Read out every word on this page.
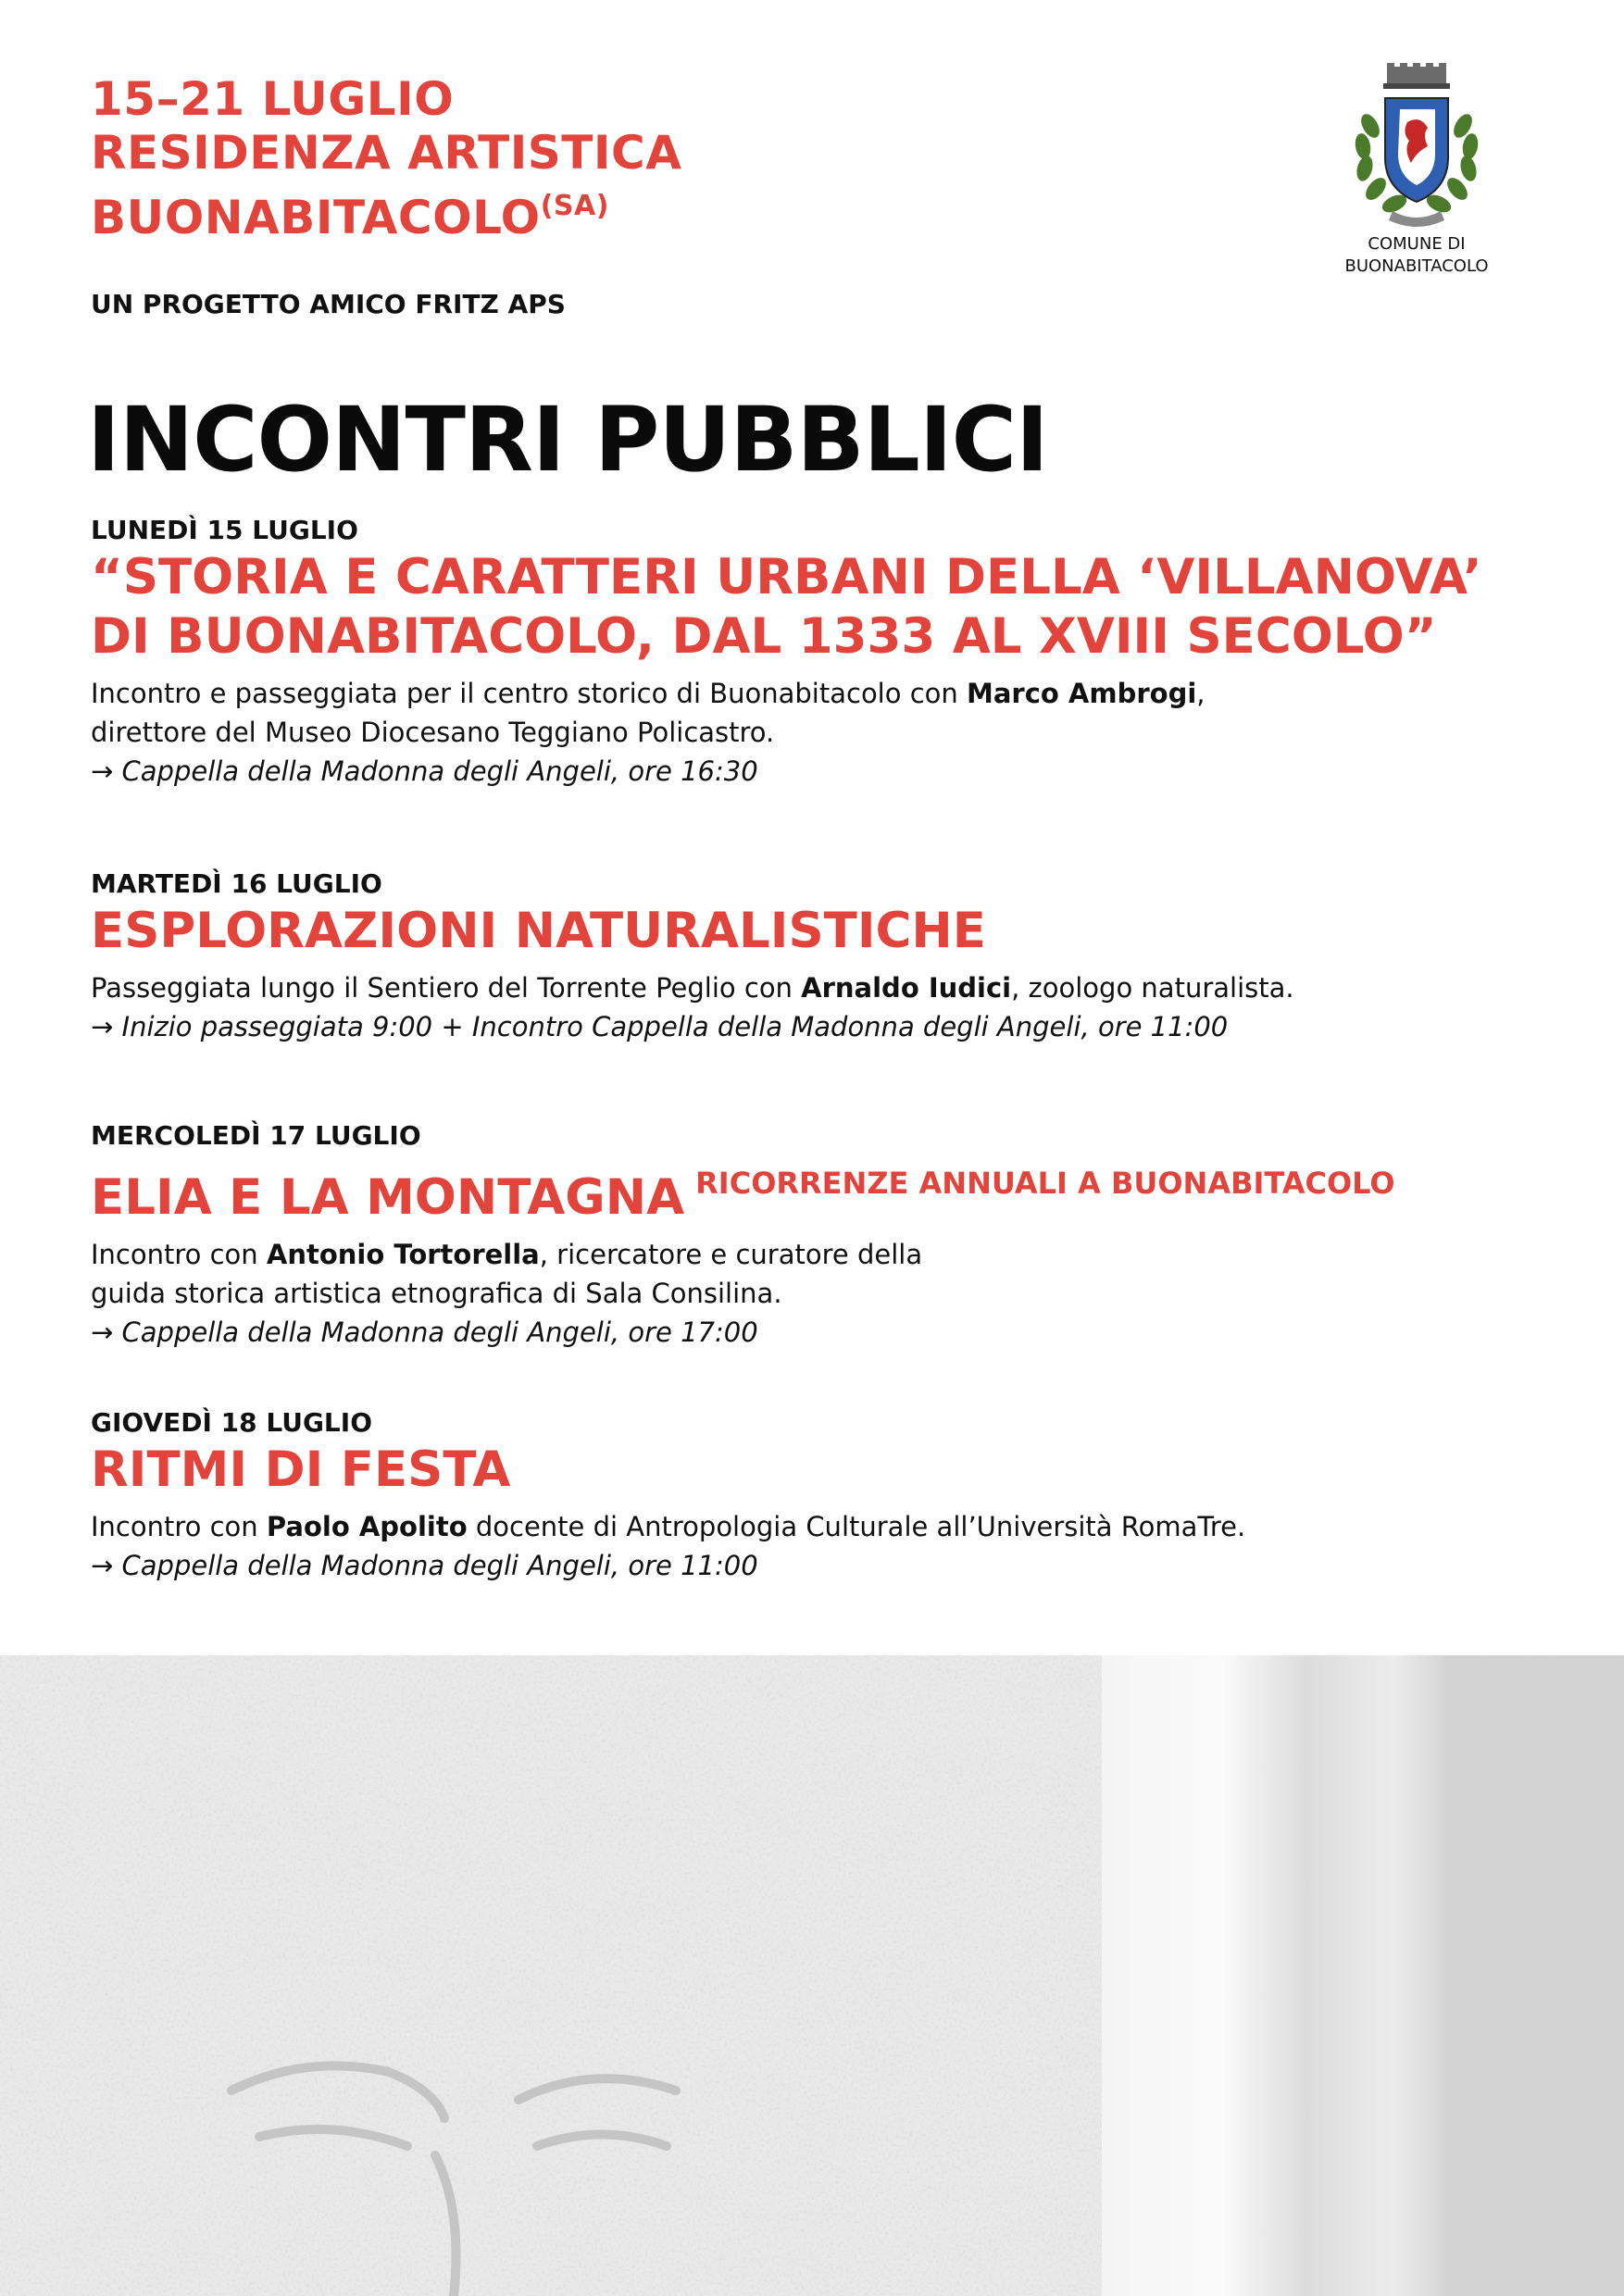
15–21 LUGLIO
RESIDENZA ARTISTICA
$BUONABITACOLO^{(SA)}$
UN PROGETTO AMICO FRITZ APS
COMUNE DI
BUONABITACOLO
INCONTRI PUBBLICI
LUNEDÌ 15 LUGLIO
“STORIA E CARATTERI URBANI DELLA ‘VILLANOVA’
DI BUONABITACOLO, DAL 1333 AL XVIII SECOLO”
Incontro e passeggiata per il centro storico di Buonabitacolo con Marco Ambrogi,
direttore del Museo Diocesano Teggiano Policastro.
→ Cappella della Madonna degli Angeli, ore 16:30
MARTEDÌ 16 LUGLIO
ESPLORAZIONI NATURALISTICHE
Passeggiata lungo il Sentiero del Torrente Peglio con Arnaldo Iudici, zoologo naturalista.
→ Inizio passeggiata 9:00 + Incontro Cappella della Madonna degli Angeli, ore 11:00
MERCOLEDÌ 17 LUGLIO
ELIA E LA MONTAGNA $^{RICORRENZE ANNUALI A BUONABITACOLO}$
Incontro con Antonio Tortorella, ricercatore e curatore della
guida storica artistica etnografica di Sala Consilina.
→ Cappella della Madonna degli Angeli, ore 17:00
GIOVEDÌ 18 LUGLIO
RITMI DI FESTA
Incontro con Paolo Apolito docente di Antropologia Culturale all’Università RomaTre.
→ Cappella della Madonna degli Angeli, ore 11:00
